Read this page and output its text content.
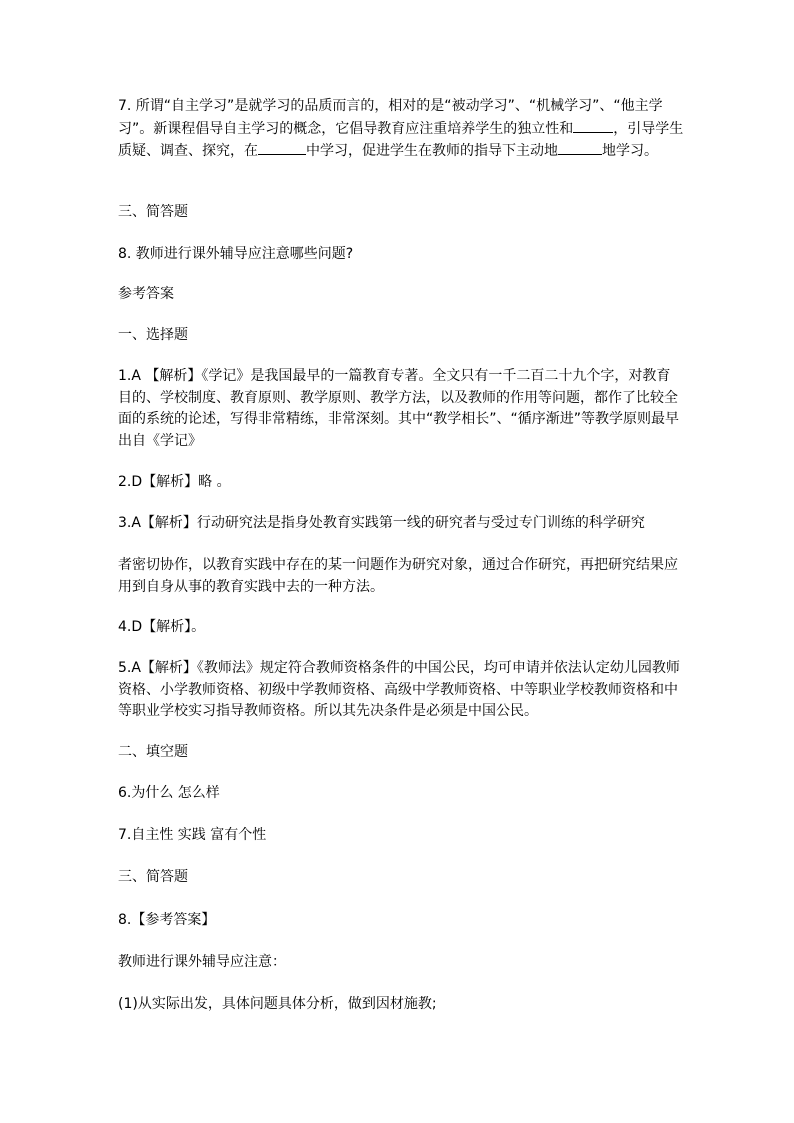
7. 所谓“自主学习”是就学习的品质而言的，相对的是“被动学习”、“机械学习”、“他主学习”。新课程倡导自主学习的概念，它倡导教育应注重培养学生的独立性和	，引导学生质疑、调查、探究，在	中学习，促进学生在教师的指导下主动地	地学习。

三、简答题

8. 教师进行课外辅导应注意哪些问题?

参考答案

一、选择题

1.A 【解析】《学记》是我国最早的一篇教育专著。全文只有一千二百二十九个字，对教育目的、学校制度、教育原则、教学原则、教学方法，以及教师的作用等问题，都作了比较全面的系统的论述，写得非常精练，非常深刻。其中“教学相长”、“循序渐进”等教学原则最早出自《学记》

2.D【解析】略 。

3.A【解析】行动研究法是指身处教育实践第一线的研究者与受过专门训练的科学研究

者密切协作，以教育实践中存在的某一问题作为研究对象，通过合作研究，再把研究结果应用到自身从事的教育实践中去的一种方法。

4.D【解析】。

5.A【解析】《教师法》规定符合教师资格条件的中国公民，均可申请并依法认定幼儿园教师资格、小学教师资格、初级中学教师资格、高级中学教师资格、中等职业学校教师资格和中等职业学校实习指导教师资格。所以其先决条件是必须是中国公民。

二、填空题

6.为什么 怎么样

7.自主性 实践 富有个性

三、简答题

8.【参考答案】

教师进行课外辅导应注意：

(1)从实际出发，具体问题具体分析，做到因材施教;
